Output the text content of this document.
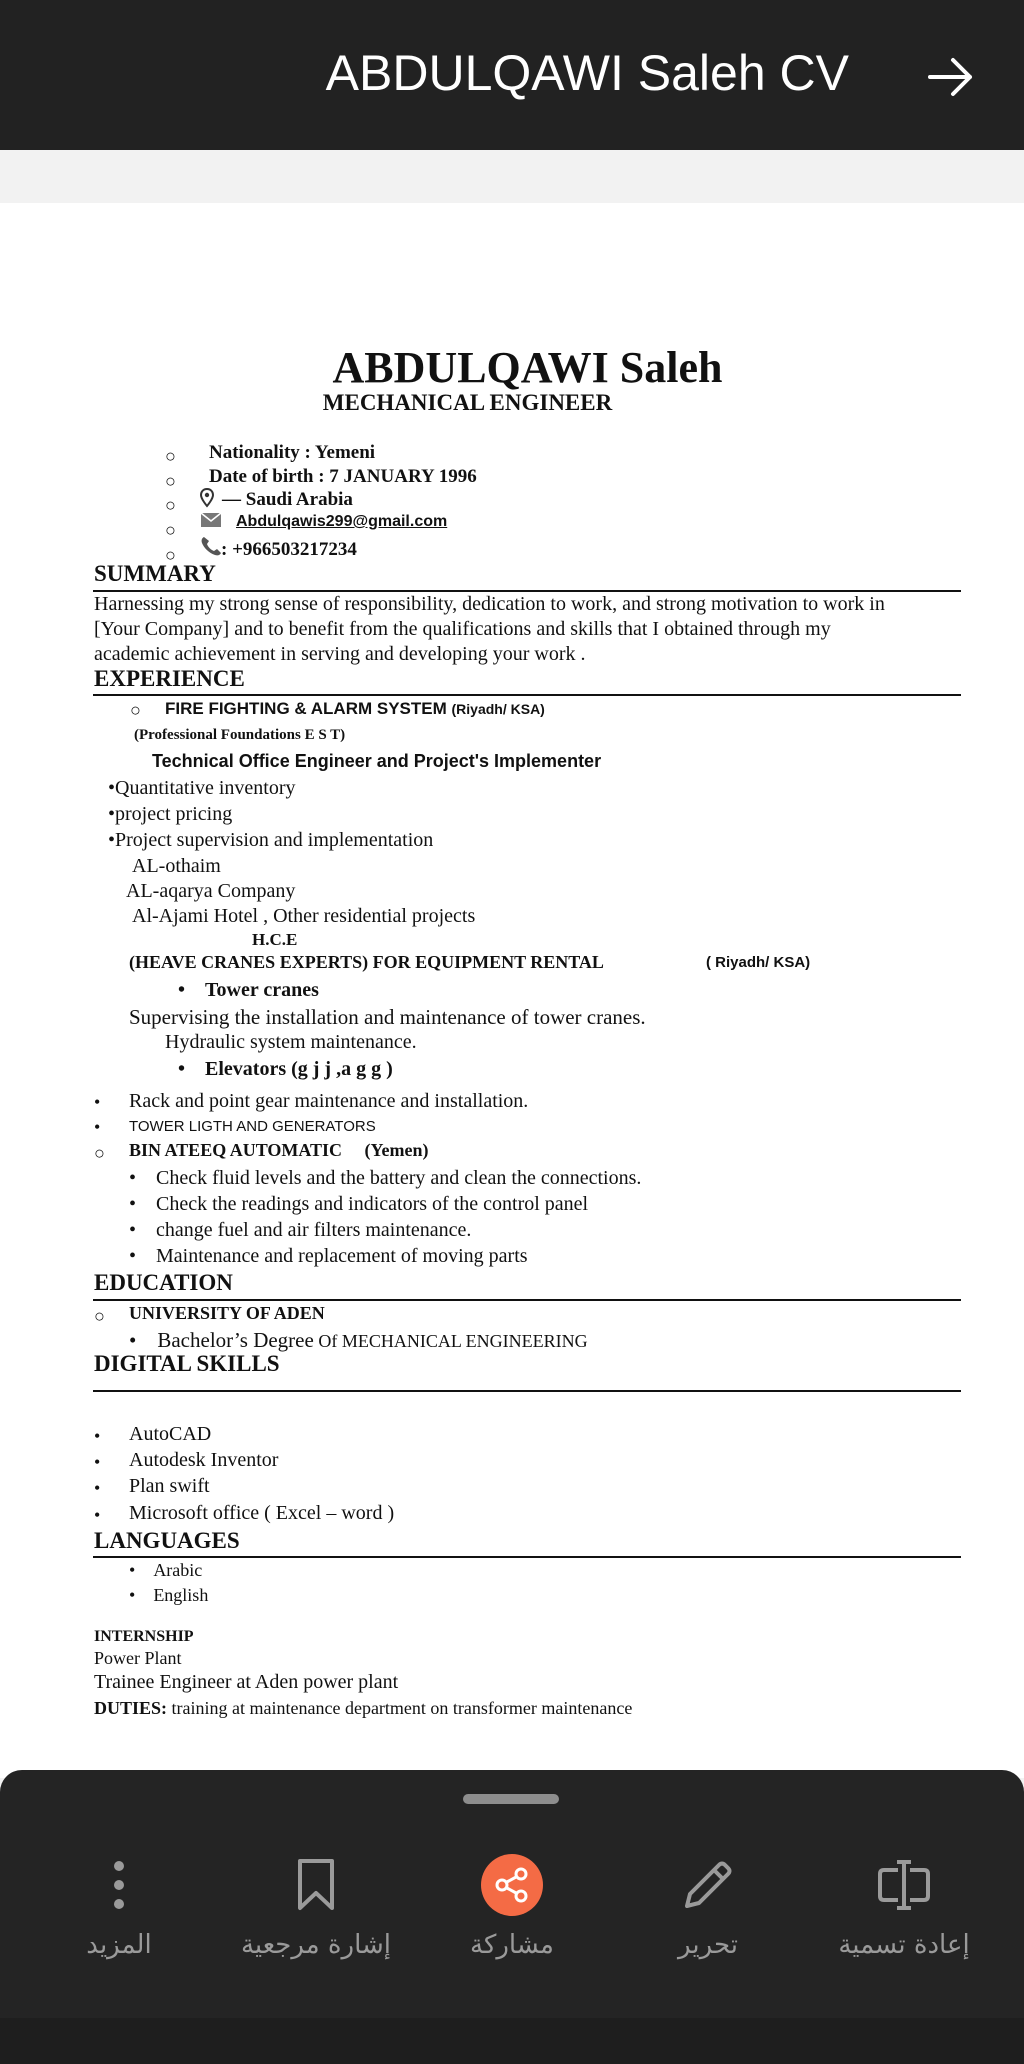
ABDULQAWI Saleh CV
ABDULQAWI Saleh
MECHANICAL ENGINEER
○ Nationality : Yemeni
○ Date of birth : 7 JANUARY 1996
○ — Saudi Arabia
○	Abdulqawis299@gmail.com
○ : +966503217234
SUMMARY
Harnessing my strong sense of responsibility, dedication to work, and strong motivation to work in
[Your Company] and to benefit from the qualifications and skills that I obtained through my
academic achievement in serving and developing your work .
EXPERIENCE
○ FIRE FIGHTING & ALARM SYSTEM (Riyadh/ KSA)
(Professional Foundations E S T)
Technical Office Engineer and Project's Implementer
•Quantitative inventory
•project pricing
•Project supervision and implementation
AL-othaim
AL-aqarya Company
Al-Ajami Hotel , Other residential projects
H.C.E
(HEAVE CRANES EXPERTS) FOR EQUIPMENT RENTAL	( Riyadh/ KSA)
•    Tower cranes
Supervising the installation and maintenance of tower cranes.
Hydraulic system maintenance.
•    Elevators (g j j ,a g g )
• Rack and point gear maintenance and installation.
• TOWER LIGTH AND GENERATORS
○ BIN ATEEQ AUTOMATIC (Yemen)
•    Check fluid levels and the battery and clean the connections.
•    Check the readings and indicators of the control panel
•    change fuel and air filters maintenance.
•    Maintenance and replacement of moving parts
EDUCATION
○ UNIVERSITY OF ADEN
•    Bachelor’s Degree Of MECHANICAL ENGINEERING
DIGITAL SKILLS
• AutoCAD
• Autodesk Inventor
• Plan swift
• Microsoft office ( Excel – word )
LANGUAGES
•    Arabic
•    English
INTERNSHIP
Power Plant
Trainee Engineer at Aden power plant
DUTIES: training at maintenance department on transformer maintenance
المزيد	إشارة مرجعية	مشاركة	تحرير	إعادة تسمية
